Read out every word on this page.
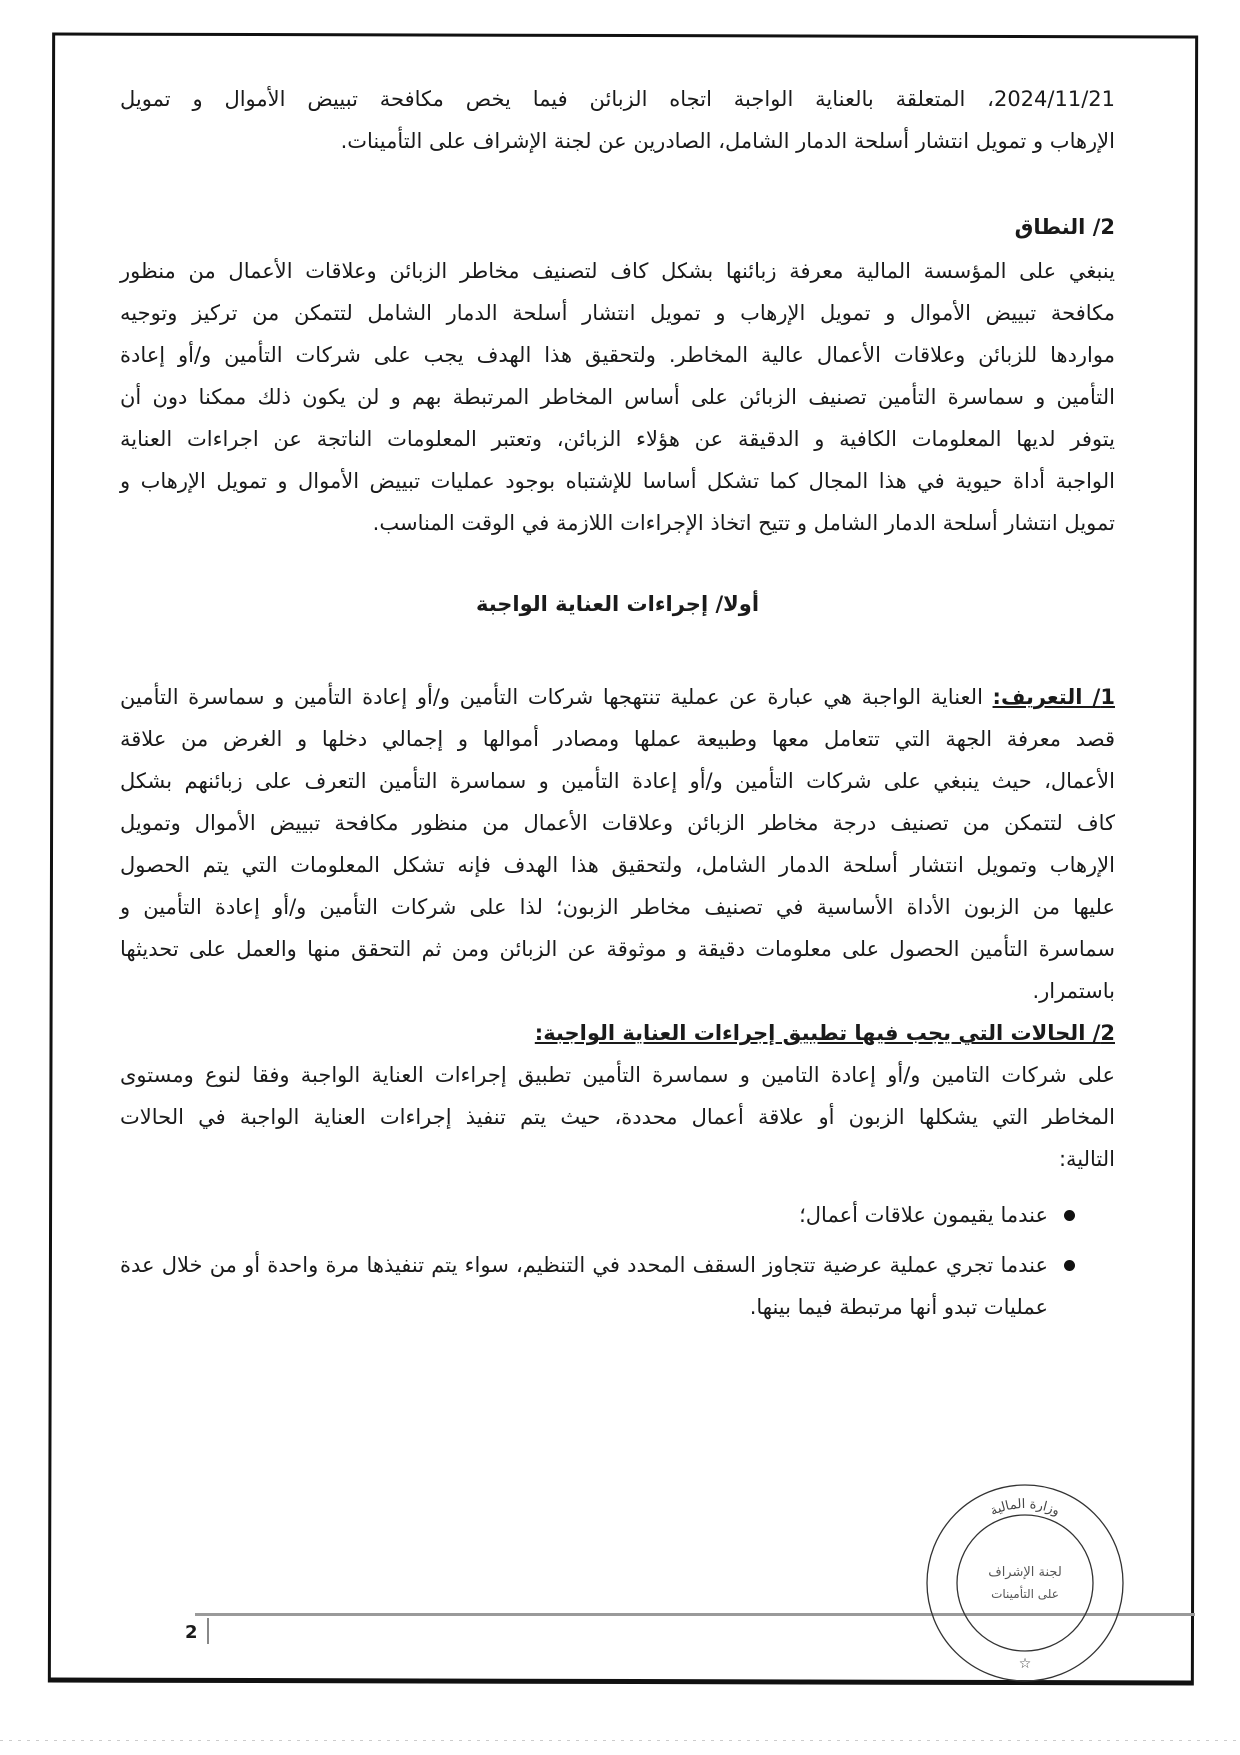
2024/11/21، المتعلقة بالعناية الواجبة اتجاه الزبائن فيما يخص مكافحة تبييض الأموال و تمويل
الإرهاب و تمويل انتشار أسلحة الدمار الشامل، الصادرين عن لجنة الإشراف على التأمينات.
2/ النطاق
ينبغي على المؤسسة المالية معرفة زبائنها بشكل كاف لتصنيف مخاطر الزبائن وعلاقات الأعمال من منظور
مكافحة تبييض الأموال و تمويل الإرهاب و تمويل انتشار أسلحة الدمار الشامل لتتمكن من تركيز وتوجيه
مواردها للزبائن وعلاقات الأعمال عالية المخاطر. ولتحقيق هذا الهدف يجب على شركات التأمين و/أو إعادة
التأمين و سماسرة التأمين تصنيف الزبائن على أساس المخاطر المرتبطة بهم و لن يكون ذلك ممكنا دون أن
يتوفر لديها المعلومات الكافية و الدقيقة عن هؤلاء الزبائن، وتعتبر المعلومات الناتجة عن اجراءات العناية
الواجبة أداة حيوية في هذا المجال كما تشكل أساسا للإشتباه بوجود عمليات تبييض الأموال و تمويل الإرهاب و
تمويل انتشار أسلحة الدمار الشامل و تتيح اتخاذ الإجراءات اللازمة في الوقت المناسب.
أولا/ إجراءات العناية الواجبة
1/ التعريف: العناية الواجبة هي عبارة عن عملية تنتهجها شركات التأمين و/أو إعادة التأمين و سماسرة التأمين
قصد معرفة الجهة التي تتعامل معها وطبيعة عملها ومصادر أموالها و إجمالي دخلها و الغرض من علاقة
الأعمال، حيث ينبغي على شركات التأمين و/أو إعادة التأمين و سماسرة التأمين التعرف على زبائنهم بشكل
كاف لتتمكن من تصنيف درجة مخاطر الزبائن وعلاقات الأعمال من منظور مكافحة تبييض الأموال وتمويل
الإرهاب وتمويل انتشار أسلحة الدمار الشامل، ولتحقيق هذا الهدف فإنه تشكل المعلومات التي يتم الحصول
عليها من الزبون الأداة الأساسية في تصنيف مخاطر الزبون؛ لذا على شركات التأمين و/أو إعادة التأمين و
سماسرة التأمين الحصول على معلومات دقيقة و موثوقة عن الزبائن ومن ثم التحقق منها والعمل على تحديثها
باستمرار.
2/ الحالات التي يجب فيها تطبيق إجراءات العناية الواجبة:
على شركات التامين و/أو إعادة التامين و سماسرة التأمين تطبيق إجراءات العناية الواجبة وفقا لنوع ومستوى
المخاطر التي يشكلها الزبون أو علاقة أعمال محددة، حيث يتم تنفيذ إجراءات العناية الواجبة في الحالات
التالية:
عندما يقيمون علاقات أعمال؛
عندما تجري عملية عرضية تتجاوز السقف المحدد في التنظيم، سواء يتم تنفيذها مرة واحدة أو من خلال عدة عمليات تبدو أنها مرتبطة فيما بينها.
2
وزارة المالية
لجنة الإشراف
على التأمينات
☆
